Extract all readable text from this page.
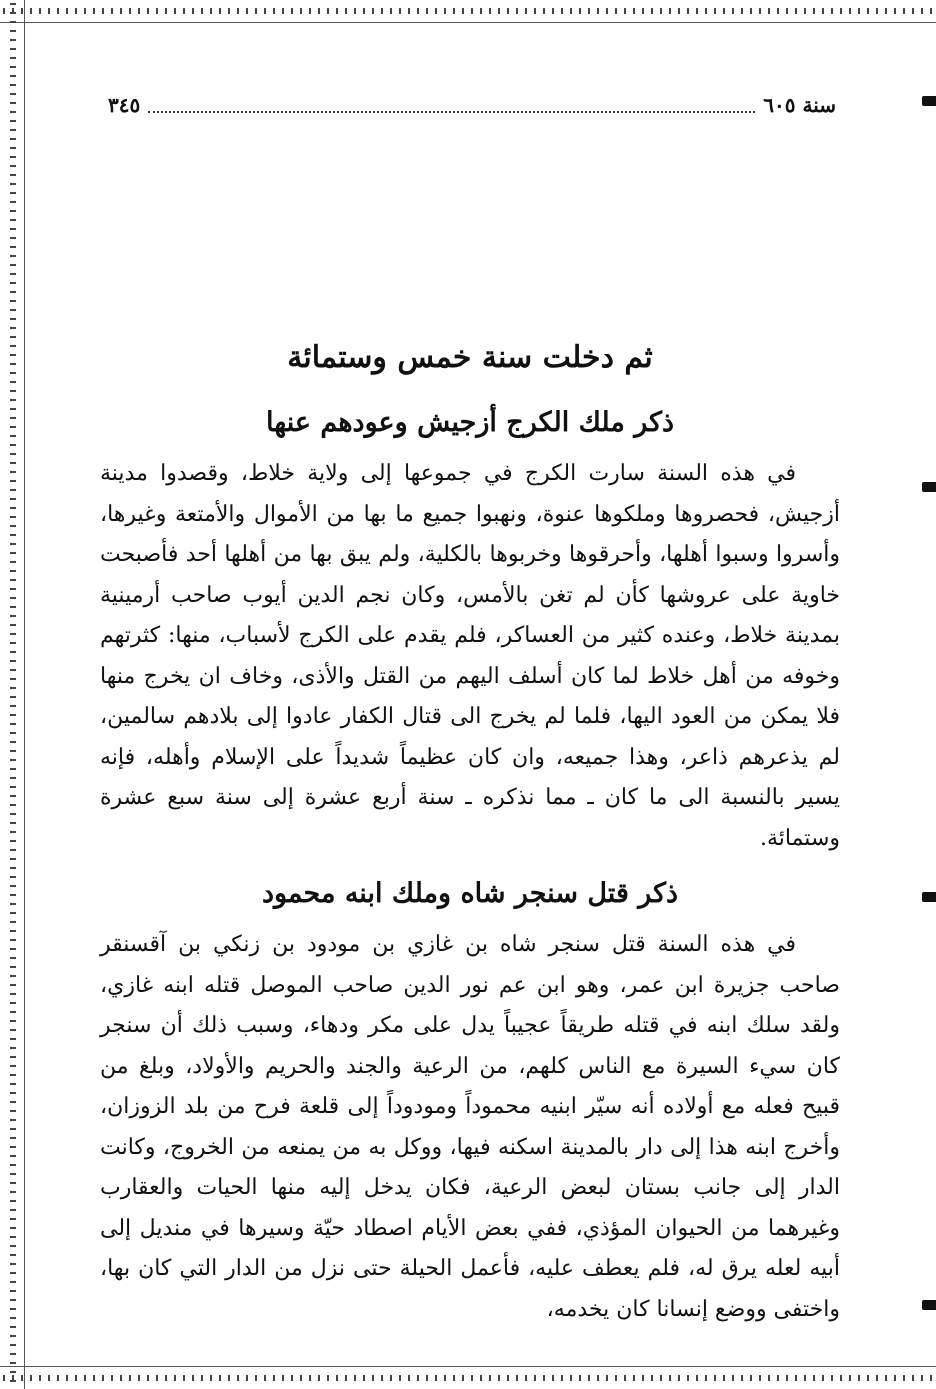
سنة ٦٠٥
٣٤٥
ثم دخلت سنة خمس وستمائة
ذكر ملك الكرج أزجيش وعودهم عنها

في هذه السنة سارت الكرج في جموعها إلى ولاية خلاط، وقصدوا مدينة أزجيش، فحصروها وملكوها عنوة، ونهبوا جميع ما بها من الأموال والأمتعة وغيرها، وأسروا وسبوا أهلها، وأحرقوها وخربوها بالكلية، ولم يبق بها من أهلها أحد فأصبحت خاوية على عروشها كأن لم تغن بالأمس، وكان نجم الدين أيوب صاحب أرمينية بمدينة خلاط، وعنده كثير من العساكر، فلم يقدم على الكرج لأسباب، منها: كثرتهم وخوفه من أهل خلاط لما كان أسلف اليهم من القتل والأذى، وخاف ان يخرج منها فلا يمكن من العود اليها، فلما لم يخرج الى قتال الكفار عادوا إلى بلادهم سالمين، لم يذعرهم ذاعر، وهذا جميعه، وان كان عظيماً شديداً على الإسلام وأهله، فإنه يسير بالنسبة الى ما كان ـ مما نذكره ـ سنة أربع عشرة إلى سنة سبع عشرة وستمائة.

ذكر قتل سنجر شاه وملك ابنه محمود

في هذه السنة قتل سنجر شاه بن غازي بن مودود بن زنكي بن آقسنقر صاحب جزيرة ابن عمر، وهو ابن عم نور الدين صاحب الموصل قتله ابنه غازي، ولقد سلك ابنه في قتله طريقاً عجيباً يدل على مكر ودهاء، وسبب ذلك أن سنجر كان سيء السيرة مع الناس كلهم، من الرعية والجند والحريم والأولاد، وبلغ من قبيح فعله مع أولاده أنه سيّر ابنيه محموداً ومودوداً إلى قلعة فرح من بلد الزوزان، وأخرج ابنه هذا إلى دار بالمدينة اسكنه فيها، ووكل به من يمنعه من الخروج، وكانت الدار إلى جانب بستان لبعض الرعية، فكان يدخل إليه منها الحيات والعقارب وغيرهما من الحيوان المؤذي، ففي بعض الأيام اصطاد حيّة وسيرها في منديل إلى أبيه لعله يرق له، فلم يعطف عليه، فأعمل الحيلة حتى نزل من الدار التي كان بها، واختفى ووضع إنسانا كان يخدمه،
